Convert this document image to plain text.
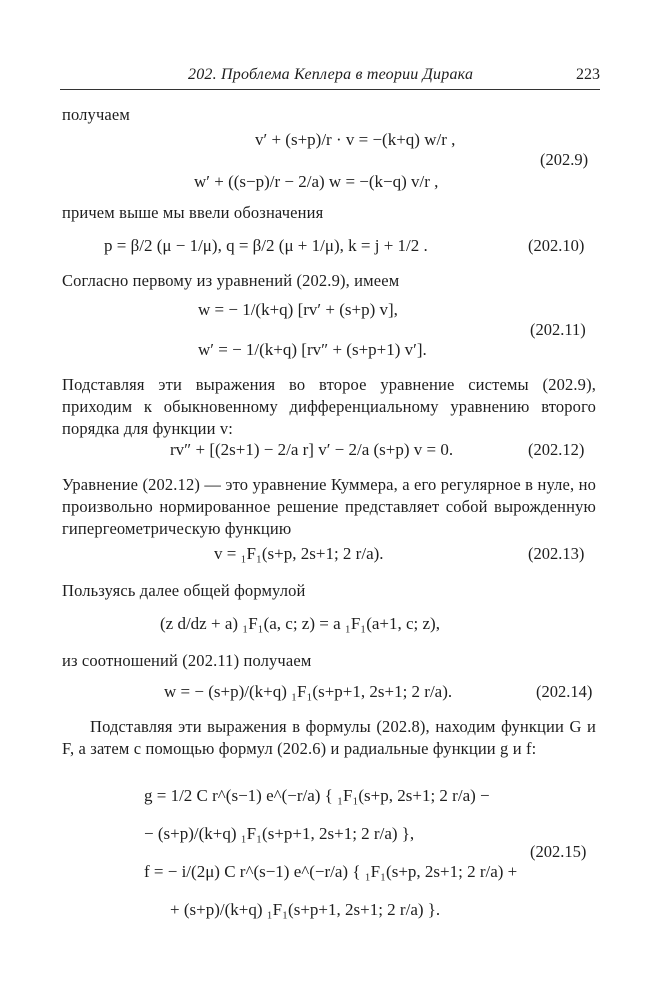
202. Проблема Кеплера в теории Дирака	223
получаем
v′ + (s+p)/r · v = −(k+q) w/r ,
w′ + ((s−p)/r − 2/a) w = −(k−q) v/r ,
(202.9)
причем выше мы ввели обозначения
p = β/2 (μ − 1/μ), q = β/2 (μ + 1/μ), k = j + 1/2 .	(202.10)
Согласно первому из уравнений (202.9), имеем
w = − 1/(k+q) [rv′ + (s+p) v],
w′ = − 1/(k+q) [rv″ + (s+p+1) v′].
(202.11)
Подставляя эти выражения во второе уравнение системы (202.9), приходим к обыкновенному дифференциальному уравнению второго порядка для функции v:
rv″ + [(2s+1) − 2/a r] v′ − 2/a (s+p) v = 0.	(202.12)
Уравнение (202.12) — это уравнение Куммера, а его регулярное в нуле, но произвольно нормированное решение представляет собой вырожденную гипергеометрическую функцию
v = ₁F₁(s+p, 2s+1; 2 r/a).	(202.13)
Пользуясь далее общей формулой
(z d/dz + a) ₁F₁(a, c; z) = a ₁F₁(a+1, c; z),
из соотношений (202.11) получаем
w = − (s+p)/(k+q) ₁F₁(s+p+1, 2s+1; 2 r/a).	(202.14)
Подставляя эти выражения в формулы (202.8), находим функции G и F, а затем с помощью формул (202.6) и радиальные функции g и f:
g = 1/2 C r^(s−1) e^(−r/a) { ₁F₁(s+p, 2s+1; 2 r/a) −
− (s+p)/(k+q) ₁F₁(s+p+1, 2s+1; 2 r/a) },
f = − i/(2μ) C r^(s−1) e^(−r/a) { ₁F₁(s+p, 2s+1; 2 r/a) +
+ (s+p)/(k+q) ₁F₁(s+p+1, 2s+1; 2 r/a) }.
(202.15)
